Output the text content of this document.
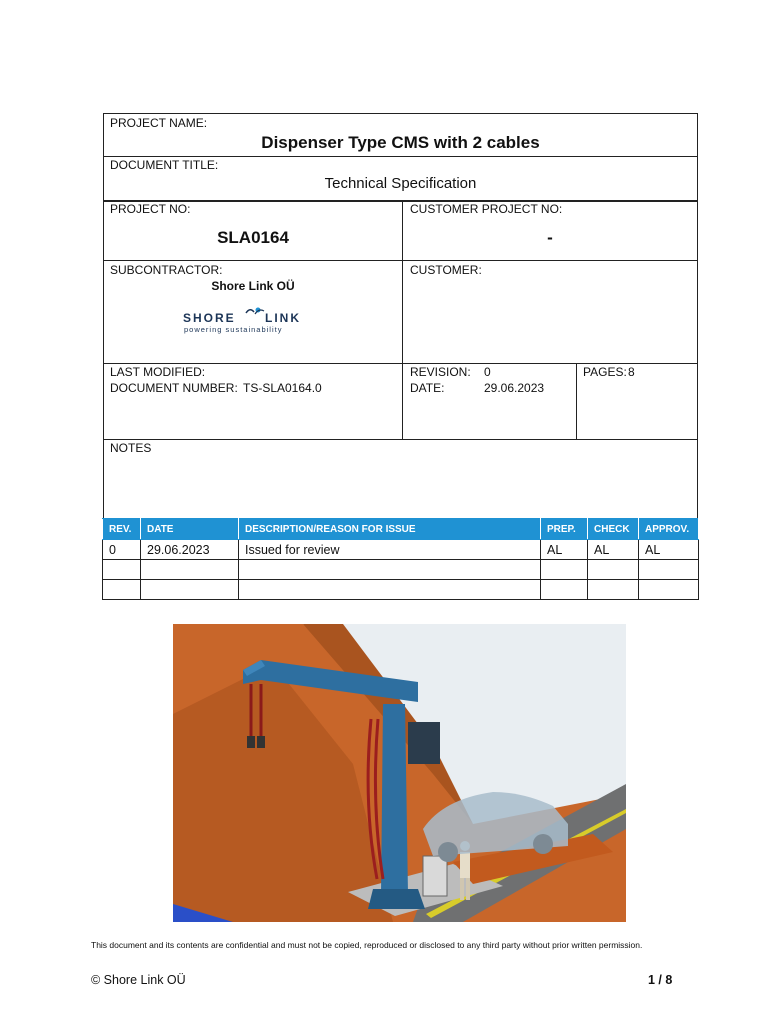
PROJECT NAME:
Dispenser Type CMS with 2 cables
DOCUMENT TITLE:
Technical Specification
PROJECT NO:
SLA0164
CUSTOMER PROJECT NO:
-
SUBCONTRACTOR:
Shore Link OÜ
SHORE LINK
powering sustainability
CUSTOMER:
LAST MODIFIED:
DOCUMENT NUMBER: TS-SLA0164.0
REVISION: 0
DATE:	29.06.2023
PAGES: 8
NOTES
REV.	DATE	DESCRIPTION/REASON FOR ISSUE	PREP.	CHECK	APPROV.
0	29.06.2023	Issued for review	AL	AL	AL

This document and its contents are confidential and must not be copied, reproduced or disclosed to any third party without prior written permission.
© Shore Link OÜ	1 / 8
